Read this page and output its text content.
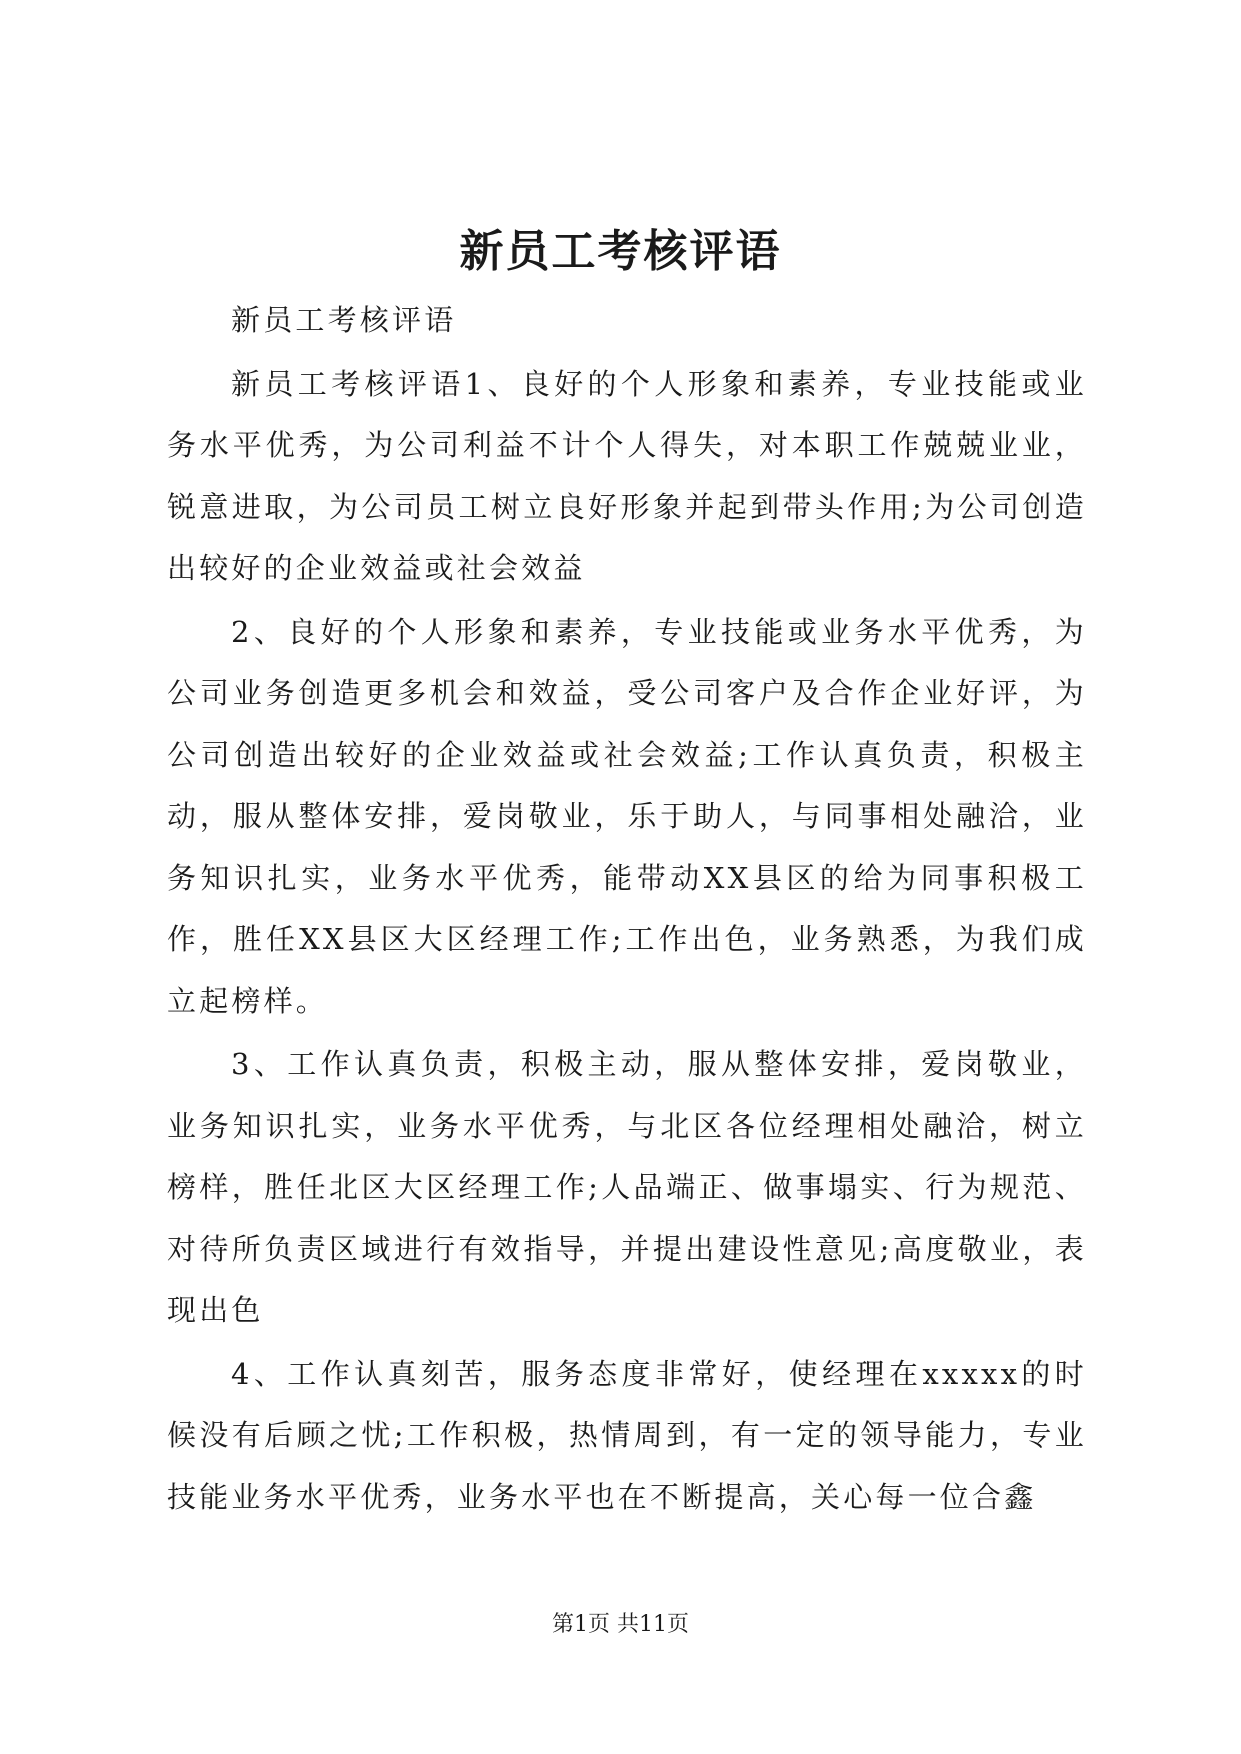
新员工考核评语

新员工考核评语

新员工考核评语1、良好的个人形象和素养，专业技能或业务水平优秀，为公司利益不计个人得失，对本职工作兢兢业业，锐意进取，为公司员工树立良好形象并起到带头作用;为公司创造出较好的企业效益或社会效益

2、良好的个人形象和素养，专业技能或业务水平优秀，为公司业务创造更多机会和效益，受公司客户及合作企业好评，为公司创造出较好的企业效益或社会效益;工作认真负责，积极主动，服从整体安排，爱岗敬业，乐于助人，与同事相处融洽，业务知识扎实，业务水平优秀，能带动XX县区的给为同事积极工作，胜任XX县区大区经理工作;工作出色，业务熟悉，为我们成立起榜样。

3、工作认真负责，积极主动，服从整体安排，爱岗敬业，业务知识扎实，业务水平优秀，与北区各位经理相处融洽，树立榜样，胜任北区大区经理工作;人品端正、做事塌实、行为规范、对待所负责区域进行有效指导，并提出建设性意见;高度敬业，表现出色

4、工作认真刻苦，服务态度非常好，使经理在xxxxx的时候没有后顾之忧;工作积极，热情周到，有一定的领导能力，专业技能业务水平优秀，业务水平也在不断提高，关心每一位合鑫

第1页 共11页
